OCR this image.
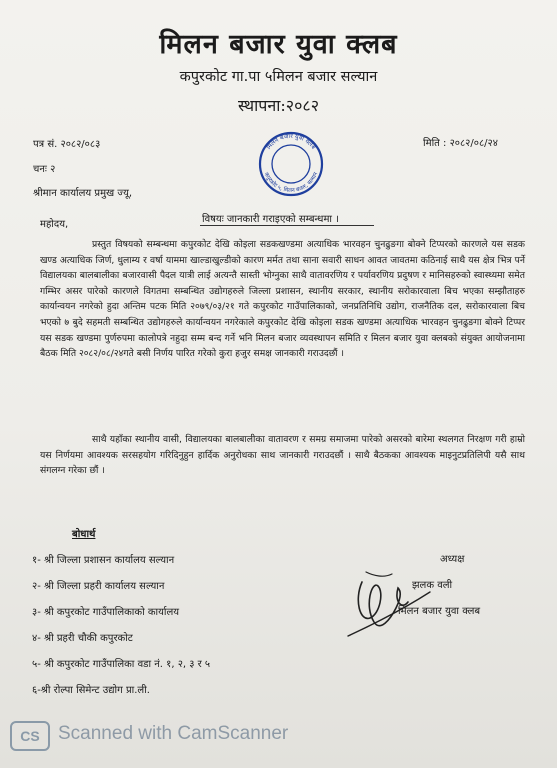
मिलन बजार युवा क्लब
कपुरकोट गा.पा ५मिलन बजार सल्यान
स्थापना:२०८२
पत्र सं. २०८२/०८३
चनः २
मिति : २०८२/०८/२४
मिलन बजार युवा क्लब
कपुरकोट ५, मिलन बजार, सल्यान
श्रीमान कार्यालय प्रमुख ज्यू,
विषयः जानकारी गराइएको सम्बन्धमा ।
महोदय,
प्रस्तुत विषयको सम्बन्धमा कपुरकोट देखि कोइला सडकखण्डमा अत्याधिक भारवहन चुनढुङगा बोक्ने टिप्परको कारणले यस सडक खण्ड अत्याधिक जिर्ण, धुलाम्य र वर्षा याममा खाल्डाखुल्डीको कारण मर्मत तथा साना सवारी साधन आवत जावतमा कठिनाई साथै यस क्षेत्र भित्र पर्ने विद्यालयका बालबालीका बजारवासी पैदल यात्री लाई अत्यन्तै सास्ती भोग्नुका साथै वातावरणिय र पर्यावरणिय प्रदुषण र मानिसहरुको स्वास्थ्यमा समेत गम्भिर असर पारेको कारणले विगतमा सम्बन्धित उद्योगहरुले जिल्ला प्रशासन, स्थानीय सरकार, स्थानीय सरोकारवाला बिच भएका सम्झौताहरु कार्यान्वयन नगरेको हुदा अन्तिम पटक मिति २०७९/०३/२१ गते कपुरकोट गाउँपालिकाको, जनप्रतिनिधि उद्योग, राजनैतिक दल, सरोकारवाला बिच भएको ७ बुदे सहमती सम्बन्धित उद्योगहरुले कार्यान्वयन नगरेकाले कपुरकोट देखि कोइला सडक खण्डमा अत्याधिक भारवहन चुनढुङगा बोक्ने टिप्पर यस सडक खण्डमा पुर्णरुपमा कालोपत्रे नहुदा सम्म बन्द गर्ने भनि मिलन बजार व्यवस्थापन समिति र मिलन बजार युवा क्लबको संयुक्त आयोजनामा बैठक मिति २०८२/०८/२४गते बसी निर्णय पारित गरेको कुरा हजुर समक्ष जानकारी गराउदछौं ।
साथै यहाँका स्थानीय वासी, विद्यालयका बालबालीका वातावरण र समग्र समाजमा पारेको असरको बारेमा स्थलगत निरक्षण गरी हाम्रो यस निर्णयमा आवश्यक सरसहयोग गरिदिनुहुन हार्दिक अनुरोधका साथ जानकारी गराउदछौं । साथै बैठकका आवश्यक माइनुटप्रतिलिपी यसै साथ संगलग्न गरेका छौं ।
बोधार्थ
१- श्री जिल्ला प्रशासन कार्यालय सल्यान
२- श्री जिल्ला प्रहरी कार्यालय सल्यान
३- श्री कपुरकोट गाउँपालिकाको कार्यालय
४- श्री प्रहरी चौकी कपुरकोट
५- श्री कपुरकोट गाउँपालिका वडा नं. १, २, ३ र ५
६-श्री रोल्पा सिमेन्ट उद्योग प्रा.ली.
अध्यक्ष
झलक वली
मिलन बजार युवा क्लब
CS Scanned with CamScanner
